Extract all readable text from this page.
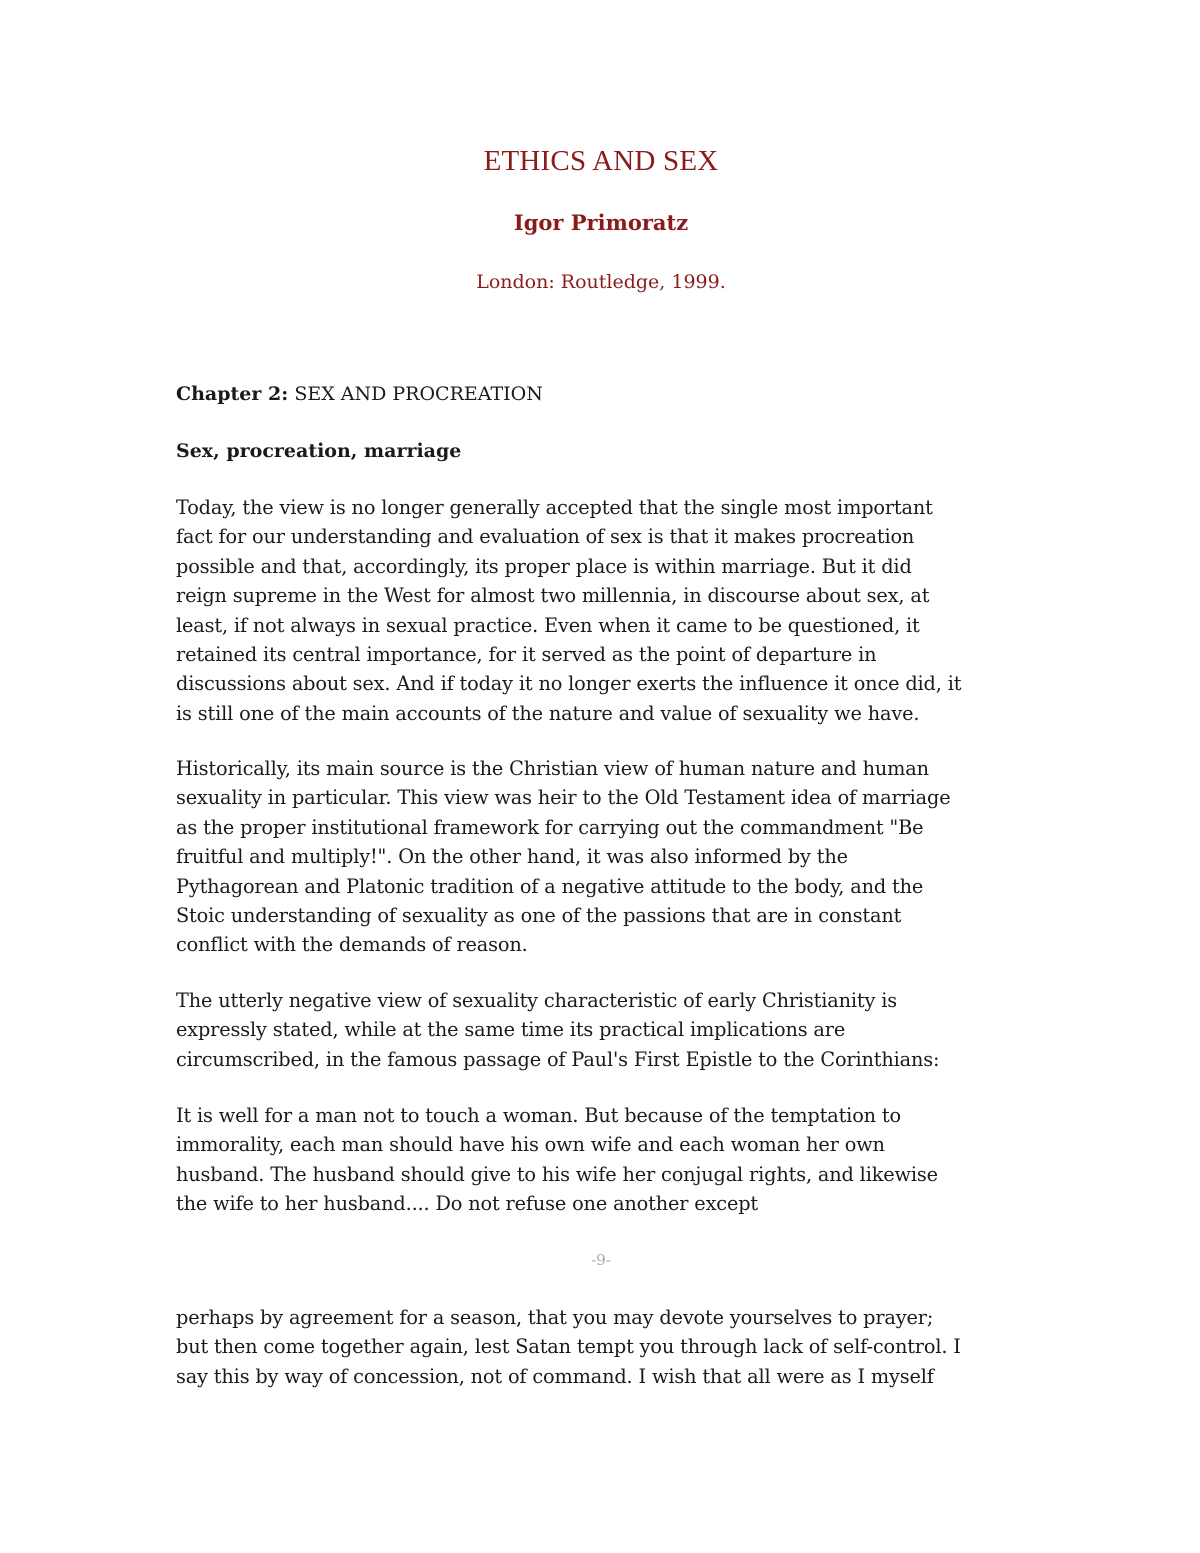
ETHICS AND SEX
Igor Primoratz
London: Routledge, 1999.
Chapter 2: SEX AND PROCREATION
Sex, procreation, marriage
Today, the view is no longer generally accepted that the single most important
fact for our understanding and evaluation of sex is that it makes procreation
possible and that, accordingly, its proper place is within marriage. But it did
reign supreme in the West for almost two millennia, in discourse about sex, at
least, if not always in sexual practice. Even when it came to be questioned, it
retained its central importance, for it served as the point of departure in
discussions about sex. And if today it no longer exerts the influence it once did, it
is still one of the main accounts of the nature and value of sexuality we have.
Historically, its main source is the Christian view of human nature and human
sexuality in particular. This view was heir to the Old Testament idea of marriage
as the proper institutional framework for carrying out the commandment "Be
fruitful and multiply!". On the other hand, it was also informed by the
Pythagorean and Platonic tradition of a negative attitude to the body, and the
Stoic understanding of sexuality as one of the passions that are in constant
conflict with the demands of reason.
The utterly negative view of sexuality characteristic of early Christianity is
expressly stated, while at the same time its practical implications are
circumscribed, in the famous passage of Paul's First Epistle to the Corinthians:
It is well for a man not to touch a woman. But because of the temptation to
immorality, each man should have his own wife and each woman her own
husband. The husband should give to his wife her conjugal rights, and likewise
the wife to her husband.... Do not refuse one another except
-9-
perhaps by agreement for a season, that you may devote yourselves to prayer;
but then come together again, lest Satan tempt you through lack of self-control. I
say this by way of concession, not of command. I wish that all were as I myself
